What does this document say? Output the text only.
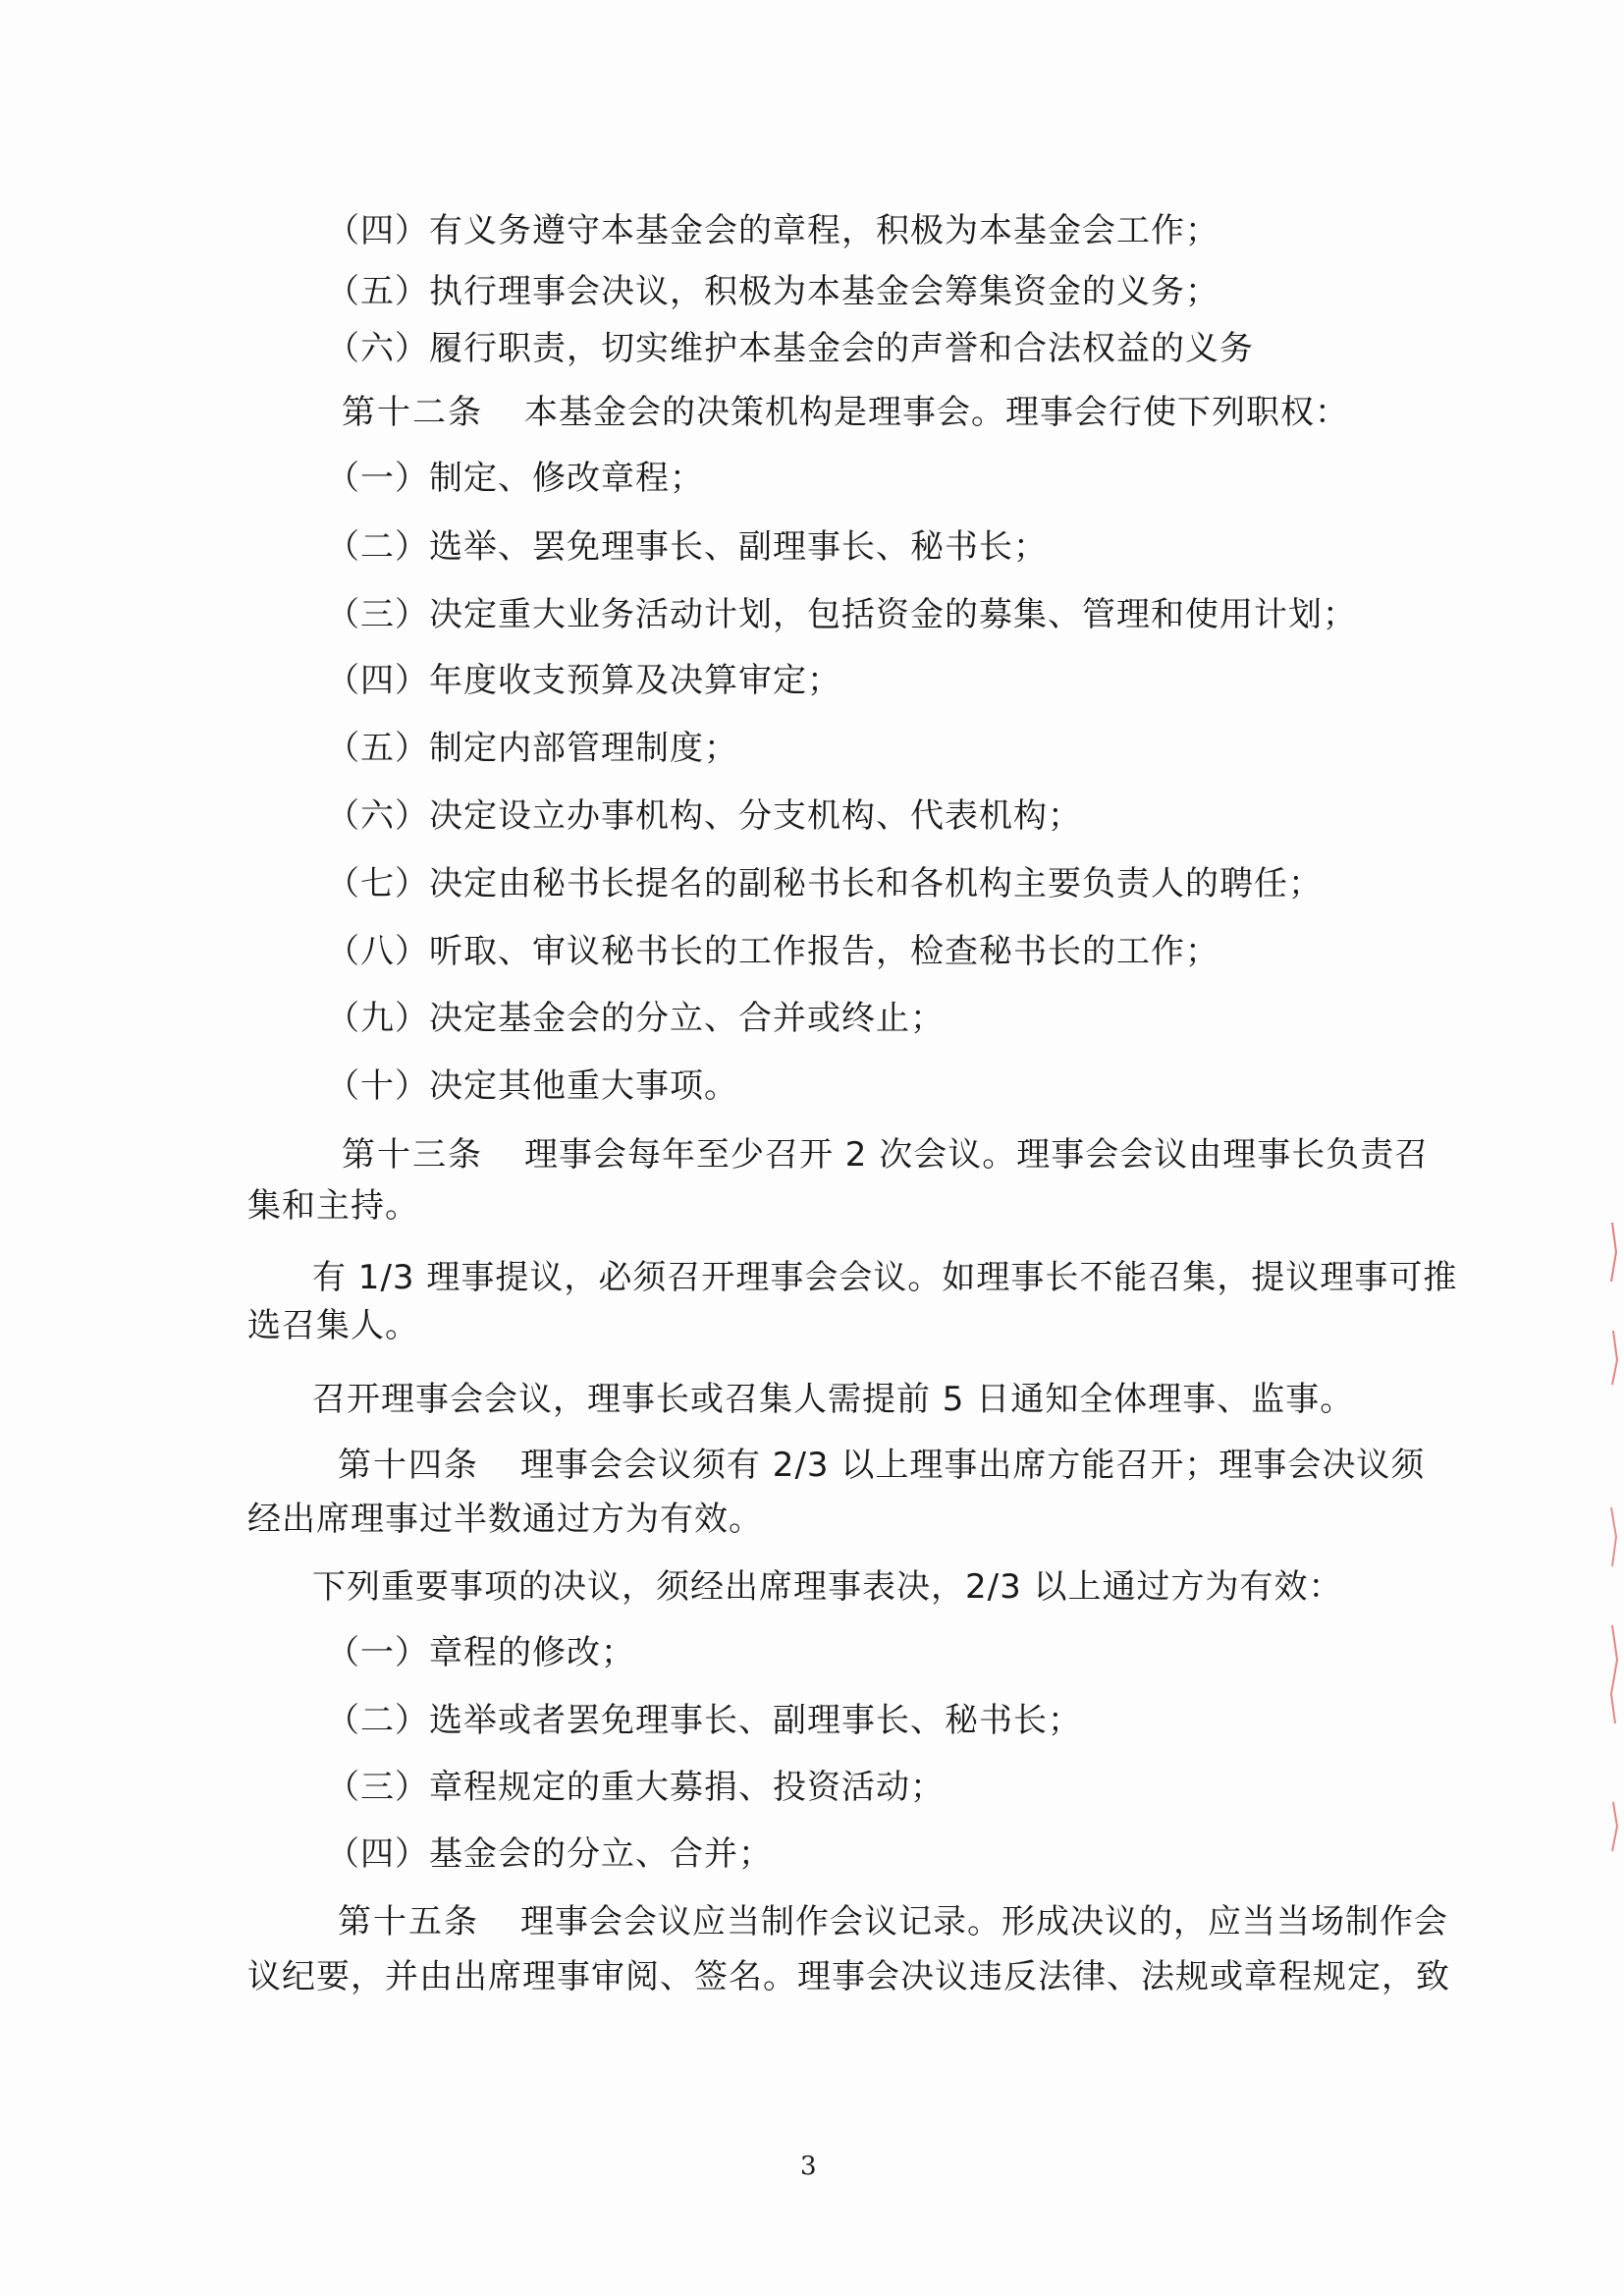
（四）有义务遵守本基金会的章程，积极为本基金会工作；

（五）执行理事会决议，积极为本基金会筹集资金的义务；

（六）履行职责，切实维护本基金会的声誉和合法权益的义务

第十二条 本基金会的决策机构是理事会。理事会行使下列职权：

（一）制定、修改章程；

（二）选举、罢免理事长、副理事长、秘书长；

（三）决定重大业务活动计划，包括资金的募集、管理和使用计划；

（四）年度收支预算及决算审定；

（五）制定内部管理制度；

（六）决定设立办事机构、分支机构、代表机构；

（七）决定由秘书长提名的副秘书长和各机构主要负责人的聘任；

（八）听取、审议秘书长的工作报告，检查秘书长的工作；

（九）决定基金会的分立、合并或终止；

（十）决定其他重大事项。

第十三条 理事会每年至少召开 2 次会议。理事会会议由理事长负责召

集和主持。

有 1/3 理事提议，必须召开理事会会议。如理事长不能召集，提议理事可推

选召集人。

召开理事会会议，理事长或召集人需提前 5 日通知全体理事、监事。

第十四条 理事会会议须有 2/3 以上理事出席方能召开；理事会决议须

经出席理事过半数通过方为有效。

下列重要事项的决议，须经出席理事表决，2/3 以上通过方为有效：

（一）章程的修改；

（二）选举或者罢免理事长、副理事长、秘书长；

（三）章程规定的重大募捐、投资活动；

（四）基金会的分立、合并；

第十五条 理事会会议应当制作会议记录。形成决议的，应当当场制作会

议纪要，并由出席理事审阅、签名。理事会决议违反法律、法规或章程规定，致

3
